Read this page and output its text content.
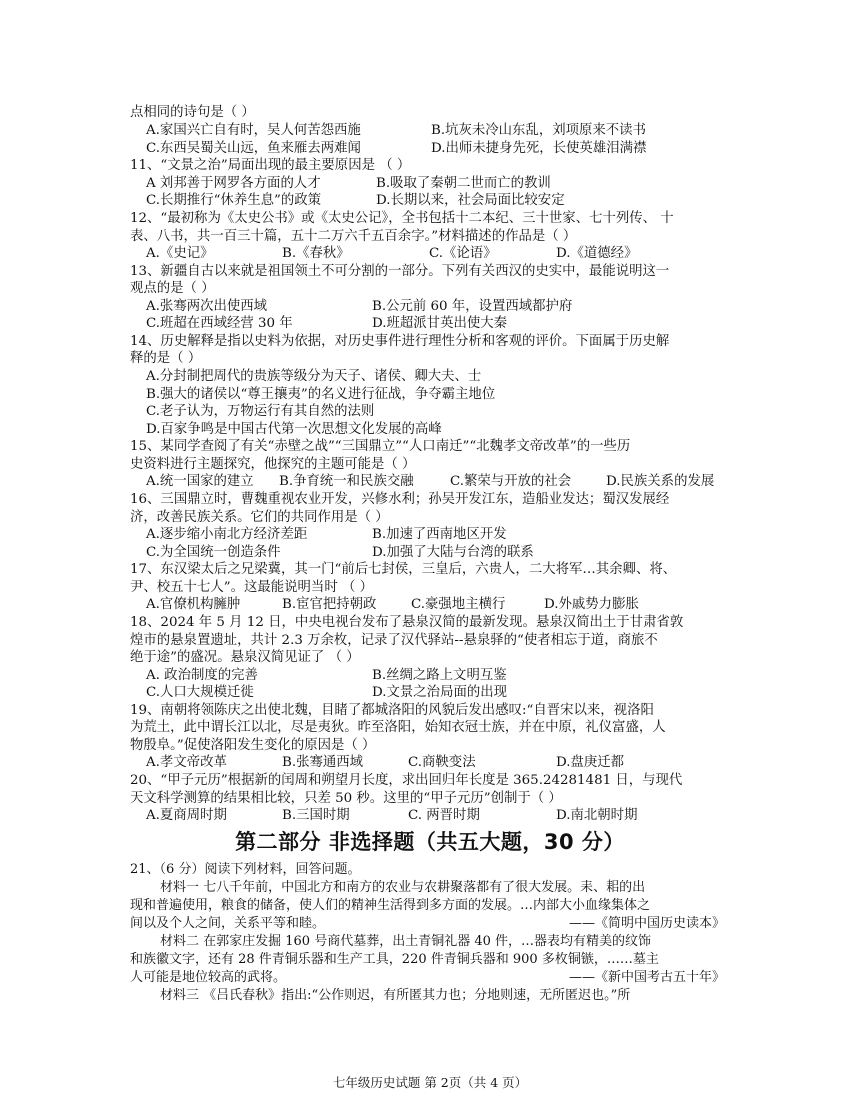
点相同的诗句是（ ）
A.家国兴亡自有时，吴人何苦怨西施	B.坑灰未冷山东乱，刘项原来不读书
C.东西吴蜀关山远，鱼来雁去两难闻	D.出师未捷身先死，长使英雄泪满襟
11、“文景之治”局面出现的最主要原因是 （ ）
A 刘邦善于网罗各方面的人才	B.吸取了秦朝二世而亡的教训
C.长期推行“休养生息”的政策	D.长期以来，社会局面比较安定
12、“最初称为《太史公书》或《太史公记》，全书包括十二本纪、三十世家、七十列传、 十
表、八书，共一百三十篇，五十二万六千五百余字。”材料描述的作品是（ ）
A.《史记》	B.《春秋》	C.《论语》	D.《道德经》
13、新疆自古以来就是祖国领土不可分割的一部分。下列有关西汉的史实中，最能说明这一
观点的是（ ）
A.张骞两次出使西域	B.公元前 60 年，设置西域都护府
C.班超在西域经营 30 年	D.班超派甘英出使大秦
14、历史解释是指以史料为依据，对历史事件进行理性分析和客观的评价。下面属于历史解
释的是（ ）
A.分封制把周代的贵族等级分为天子、诸侯、卿大夫、士
B.强大的诸侯以“尊王攘夷”的名义进行征战，争夺霸主地位
C.老子认为，万物运行有其自然的法则
D.百家争鸣是中国古代第一次思想文化发展的高峰
15、某同学查阅了有关“赤壁之战”“三国鼎立”“人口南迁”“北魏孝文帝改革”的一些历
史资料进行主题探究，他探究的主题可能是（ ）
A.统一国家的建立 B.争育统一和民族交融	C.繁荣与开放的社会	D.民族关系的发展
16、三国鼎立时，曹魏重视农业开发，兴修水利；孙吴开发江东，造船业发达；蜀汉发展经
济，改善民族关系。它们的共同作用是（ ）
A.逐步缩小南北方经济差距	B.加速了西南地区开发
C.为全国统一创造条件	D.加强了大陆与台湾的联系
17、东汉梁太后之兄梁冀，其一门“前后七封侯，三皇后，六贵人，二大将军…其余卿、将、
尹、校五十七人”。这最能说明当时 （ ）
A.官僚机构臃肿	B.宦官把持朝政	C.豪强地主横行	D.外戚势力膨胀
18、2024 年 5 月 12 日，中央电视台发布了悬泉汉简的最新发现。悬泉汉简出土于甘肃省敦
煌市的悬泉置遗址，共计 2.3 万余枚，记录了汉代驿站--悬泉驿的“使者相忘于道，商旅不
绝于途”的盛况。悬泉汉简见证了 （ ）
A. 政治制度的完善	B.丝绸之路上文明互鉴
C.人口大规模迁徙	D.文景之治局面的出现
19、南朝将领陈庆之出使北魏，目睹了都城洛阳的风貌后发出感叹:“自晋宋以来，视洛阳
为荒土，此中谓长江以北，尽是夷狄。昨至洛阳，始知衣冠士族，并在中原，礼仪富盛，人
物殷阜。”促使洛阳发生变化的原因是（ ）
A.孝文帝改革	B.张骞通西域	C.商鞅变法	D.盘庚迁都
20、“甲子元历”根据新的闰周和朔望月长度，求出回归年长度是 365.24281481 日，与现代
天文科学测算的结果相比较，只差 50 秒。这里的“甲子元历”创制于（ ）
A.夏商周时期	B.三国时期	C. 两晋时期	D.南北朝时期
第二部分 非选择题（共五大题，30 分）
21、（6 分）阅读下列材料，回答问题。
材料一 七八千年前，中国北方和南方的农业与农耕聚落都有了很大发展。耒、耜的出
现和普遍使用，粮食的储备，使人们的精神生活得到多方面的发展。…内部大小血缘集体之
间以及个人之间，关系平等和睦。	——《简明中国历史读本》
材料二 在郭家庄发掘 160 号商代墓葬，出土青铜礼器 40 件，…器表均有精美的纹饰
和族徽文字，还有 28 件青铜乐器和生产工具，220 件青铜兵器和 900 多枚铜镞，……墓主
人可能是地位较高的武将。	——《新中国考古五十年》
材料三 《吕氏春秋》指出:“公作则迟，有所匿其力也；分地则速，无所匿迟也。”所
七年级历史试题 第 2页（共 4 页）
